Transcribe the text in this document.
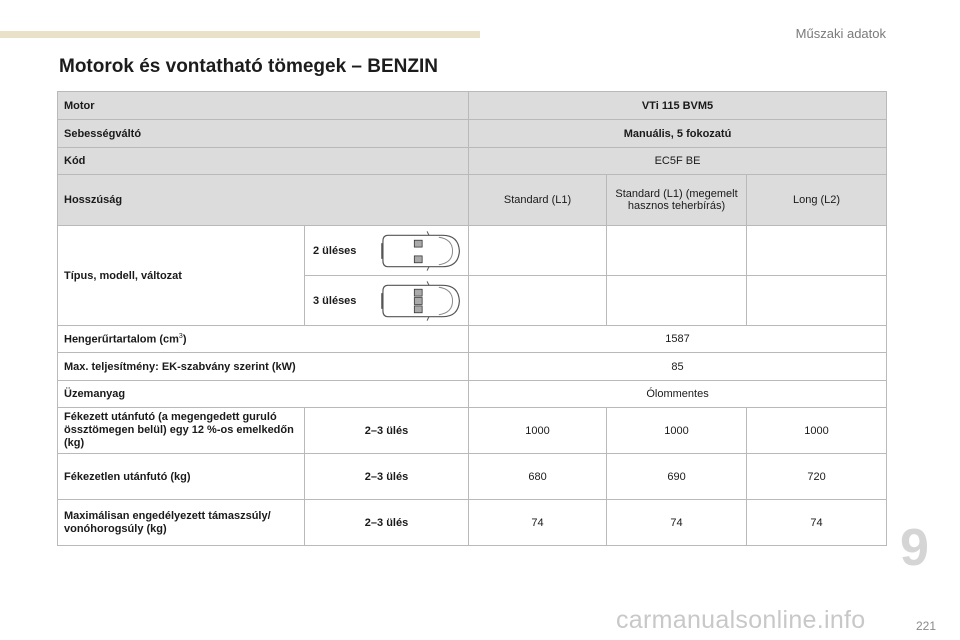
Műszaki adatok
Motorok és vontatható tömegek – BENZIN
Motor		VTi 115 BVM5		
Sebességváltó		Manuális, 5 fokozatú		
Kód		EC5F BE		
Hosszúság		Standard (L1)	Standard (L1) (megemelt hasznos teherbírás)	Long (L2)
Típus, modell, változat	2 üléses			

	3 üléses			

Hengerűrtartalom $(cm^3)$		1587		
Max. teljesítmény: EK-szabvány szerint (kW)		85		
Üzemanyag		Ólommentes		
Fékezett utánfutó (a megengedett guruló össztömegen belül) egy 12 %-os emelkedőn (kg)	2–3 ülés	1000	1000	1000
Fékezetlen utánfutó (kg)	2–3 ülés	680	690	720
Maximálisan engedélyezett támaszsúly/ vonóhorogsúly (kg)	2–3 ülés	74	74	74 9
carmanualsonline.info	221
